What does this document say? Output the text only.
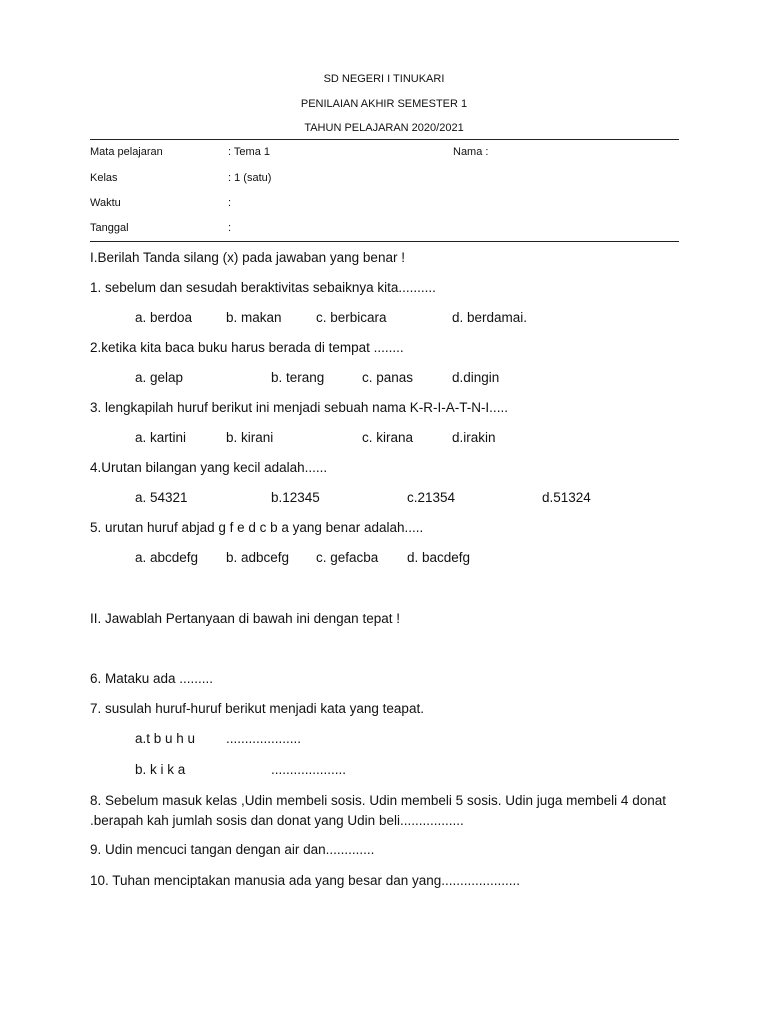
SD NEGERI I TINUKARI
PENILAIAN AKHIR SEMESTER 1
TAHUN PELAJARAN 2020/2021
Mata pelajaran	: Tema 1	Nama :
Kelas	: 1 (satu)
Waktu	:
Tanggal	:
I.Berilah Tanda silang (x) pada jawaban yang benar !
1. sebelum dan sesudah beraktivitas sebaiknya kita..........
a. berdoa	b. makan	c. berbicara	d. berdamai.
2.ketika kita baca buku harus berada di tempat ........
a. gelap	b. terang	c. panas	d.dingin
3. lengkapilah huruf berikut ini menjadi sebuah nama K-R-I-A-T-N-I.....
a. kartini	b. kirani	c. kirana	d.irakin
4.Urutan bilangan yang kecil adalah......
a. 54321	b.12345	c.21354	d.51324
5. urutan huruf abjad g f e d c b a yang benar adalah.....
a. abcdefg b. adbcefg c. gefacba d. bacdefg
II. Jawablah Pertanyaan di bawah ini dengan tepat !
6. Mataku ada .........
7. susulah huruf-huruf berikut menjadi kata yang teapat.
a.t b u h u ....................
b. k i k a	....................
8. Sebelum masuk kelas ,Udin membeli sosis. Udin membeli 5 sosis. Udin juga membeli 4 donat .berapah kah jumlah sosis dan donat yang Udin beli.................
9. Udin mencuci tangan dengan air dan.............
10. Tuhan menciptakan manusia ada yang besar dan yang.....................
